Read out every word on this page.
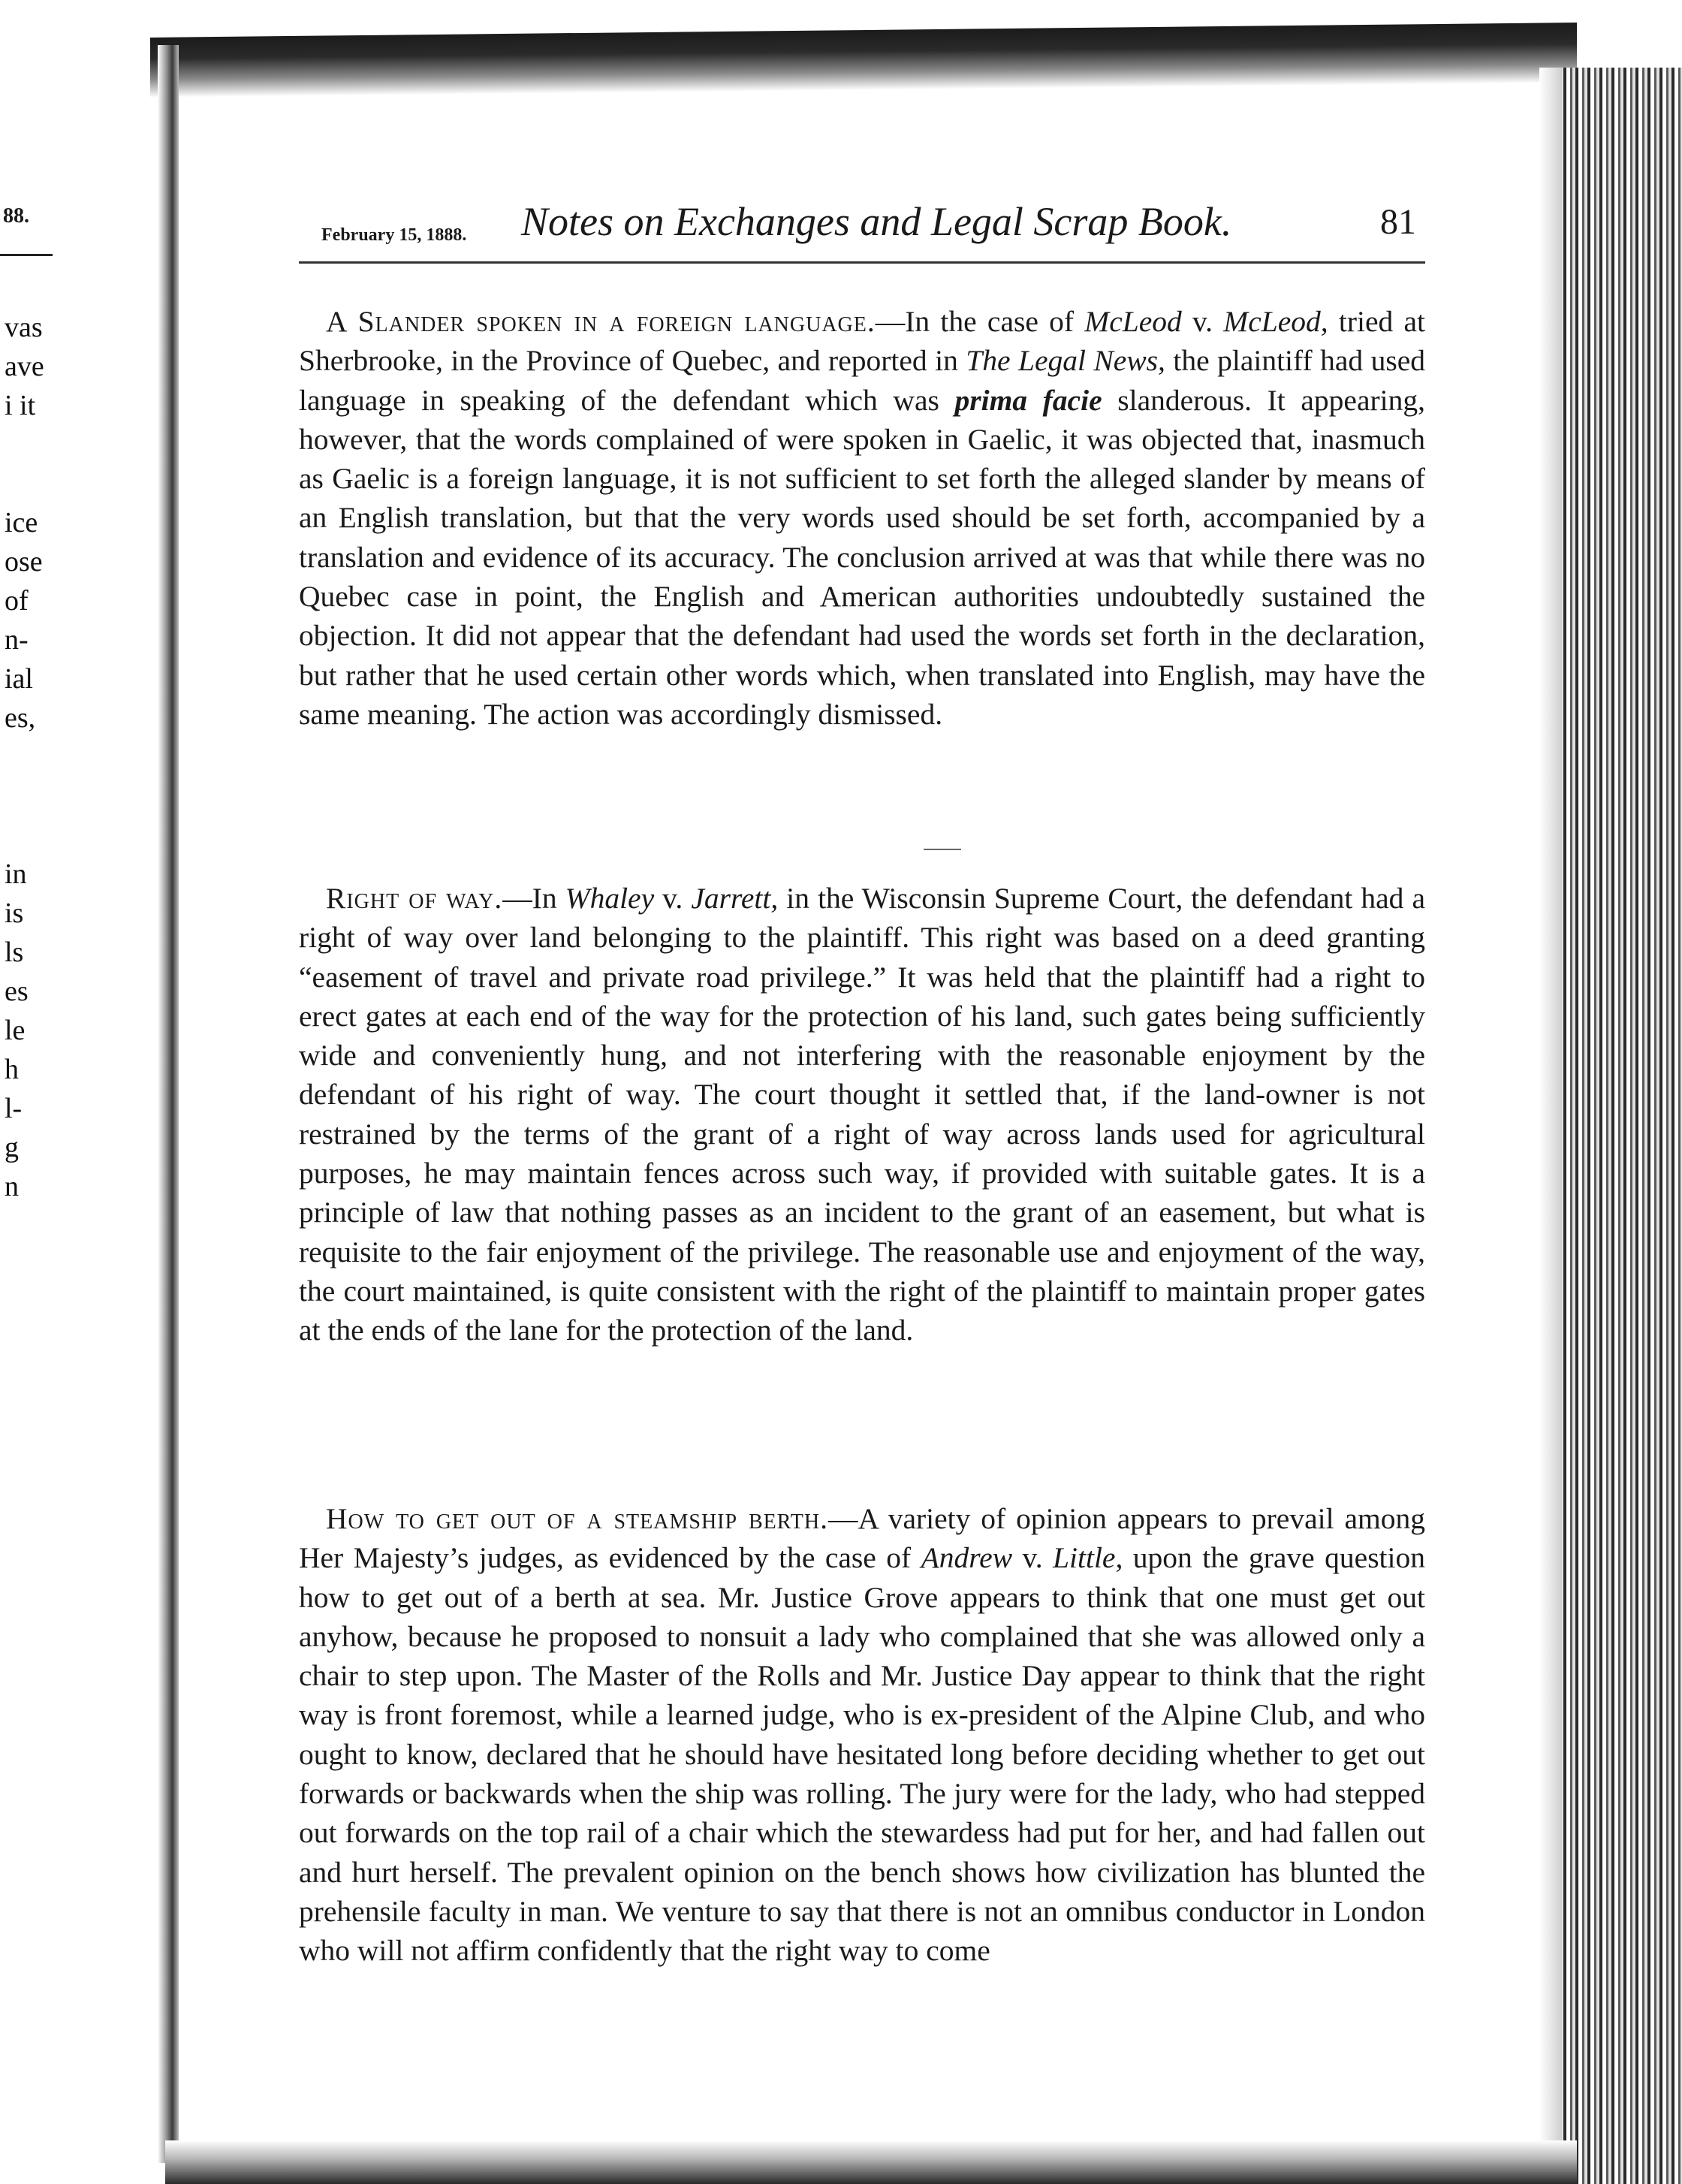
88.
vas
ave
i it
ice
ose
of
n-
ial
es,
in
is
ls
es
le
h
l-
g
n
February 15, 1888. Notes on Exchanges and Legal Scrap Book.	81

A Slander spoken in a foreign language.—In the case of McLeod v. McLeod, tried at Sherbrooke, in the Province of Quebec, and reported in The Legal News, the plaintiff had used language in speaking of the defendant which was prima facie slanderous. It appearing, however, that the words complained of were spoken in Gaelic, it was objected that, inasmuch as Gaelic is a foreign language, it is not sufficient to set forth the alleged slander by means of an English translation, but that the very words used should be set forth, accompanied by a translation and evidence of its accuracy. The conclusion arrived at was that while there was no Quebec case in point, the English and American authorities undoubtedly sustained the objection. It did not appear that the defendant had used the words set forth in the declaration, but rather that he used certain other words which, when translated into English, may have the same meaning. The action was accordingly dismissed.

Right of way.—In Whaley v. Jarrett, in the Wisconsin Supreme Court, the defendant had a right of way over land belonging to the plaintiff. This right was based on a deed granting “easement of travel and private road privilege.” It was held that the plaintiff had a right to erect gates at each end of the way for the protection of his land, such gates being sufficiently wide and conveniently hung, and not interfering with the reasonable enjoyment by the defendant of his right of way. The court thought it settled that, if the land-owner is not restrained by the terms of the grant of a right of way across lands used for agricultural purposes, he may maintain fences across such way, if provided with suitable gates. It is a principle of law that nothing passes as an incident to the grant of an easement, but what is requisite to the fair enjoyment of the privilege. The reasonable use and enjoyment of the way, the court maintained, is quite consistent with the right of the plaintiff to maintain proper gates at the ends of the lane for the protection of the land.

How to get out of a steamship berth.—A variety of opinion appears to prevail among Her Majesty’s judges, as evidenced by the case of Andrew v. Little, upon the grave question how to get out of a berth at sea. Mr. Justice Grove appears to think that one must get out anyhow, because he proposed to nonsuit a lady who complained that she was allowed only a chair to step upon. The Master of the Rolls and Mr. Justice Day appear to think that the right way is front foremost, while a learned judge, who is ex-president of the Alpine Club, and who ought to know, declared that he should have hesitated long before deciding whether to get out forwards or backwards when the ship was rolling. The jury were for the lady, who had stepped out forwards on the top rail of a chair which the stewardess had put for her, and had fallen out and hurt herself. The prevalent opinion on the bench shows how civilization has blunted the prehensile faculty in man. We venture to say that there is not an omnibus conductor in London who will not affirm confidently that the right way to come
